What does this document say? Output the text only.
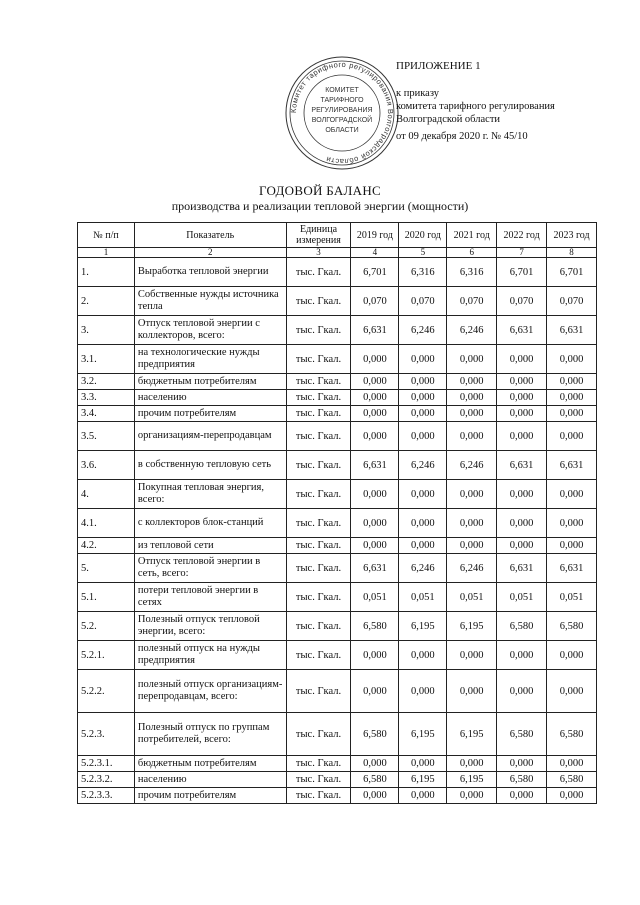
Комитет тарифного регулирования Волгоградской области
КОМИТЕТ
ТАРИФНОГО
РЕГУЛИРОВАНИЯ
ВОЛГОГРАДСКОЙ
ОБЛАСТИ
ПРИЛОЖЕНИЕ 1
к приказу
комитета тарифного регулирования
Волгоградской области
от 09 декабря 2020 г. № 45/10
ГОДОВОЙ БАЛАНС
производства и реализации тепловой энергии (мощности)
№ п/п	Показатель	Единица измерения	2019 год	2020 год	2021 год	2022 год	2023 год
1	2	3	4	5	6	7	8
1.	Выработка тепловой энергии	тыс. Гкал.	6,701	6,316	6,316	6,701	6,701
2.	Собственные нужды источника тепла	тыс. Гкал.	0,070	0,070	0,070	0,070	0,070
3.	Отпуск тепловой энергии с коллекторов, всего:	тыс. Гкал.	6,631	6,246	6,246	6,631	6,631
3.1.	на технологические нужды предприятия	тыс. Гкал.	0,000	0,000	0,000	0,000	0,000
3.2.	бюджетным потребителям	тыс. Гкал.	0,000	0,000	0,000	0,000	0,000
3.3.	населению	тыс. Гкал.	0,000	0,000	0,000	0,000	0,000
3.4.	прочим потребителям	тыс. Гкал.	0,000	0,000	0,000	0,000	0,000
3.5.	организациям-перепродавцам	тыс. Гкал.	0,000	0,000	0,000	0,000	0,000
3.6.	в собственную тепловую сеть	тыс. Гкал.	6,631	6,246	6,246	6,631	6,631
4.	Покупная тепловая энергия, всего:	тыс. Гкал.	0,000	0,000	0,000	0,000	0,000
4.1.	с коллекторов блок-станций	тыс. Гкал.	0,000	0,000	0,000	0,000	0,000
4.2.	из тепловой сети	тыс. Гкал.	0,000	0,000	0,000	0,000	0,000
5.	Отпуск тепловой энергии в сеть, всего:	тыс. Гкал.	6,631	6,246	6,246	6,631	6,631
5.1.	потери тепловой энергии в сетях	тыс. Гкал.	0,051	0,051	0,051	0,051	0,051
5.2.	Полезный отпуск тепловой энергии, всего:	тыс. Гкал.	6,580	6,195	6,195	6,580	6,580
5.2.1.	полезный отпуск на нужды предприятия	тыс. Гкал.	0,000	0,000	0,000	0,000	0,000
5.2.2.	полезный отпуск организациям-перепродавцам, всего:	тыс. Гкал.	0,000	0,000	0,000	0,000	0,000
5.2.3.	Полезный отпуск по группам потребителей, всего:	тыс. Гкал.	6,580	6,195	6,195	6,580	6,580
5.2.3.1.	бюджетным потребителям	тыс. Гкал.	0,000	0,000	0,000	0,000	0,000
5.2.3.2.	населению	тыс. Гкал.	6,580	6,195	6,195	6,580	6,580
5.2.3.3.	прочим потребителям	тыс. Гкал.	0,000	0,000	0,000	0,000	0,000
